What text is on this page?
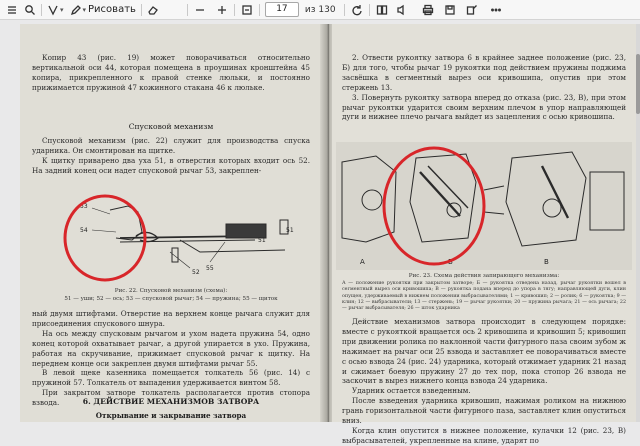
▾	▾ Рисовать	17	из 130

Копир 43 (рис. 19) может поворачиваться относительно вертикальной оси 44, которая помещена в проушинах кронштейна 45 копира, прикрепленного к правой стенке люльки, и постоянно прижимается пружиной 47 кожинного стакана 46 к люльке.

Спусковой механизм

Спусковой механизм (рис. 22) служит для производства спуска ударника. Он смонтирован на щитке.

К щитку приварено два уха 51, в отверстия которых входит ось 52. На задний конец оси надет спусковой рычаг 53, закреплен-

53
54
52
55
51
51
Рис. 22. Спусковой механизм (схема):
51 — уши; 52 — ось; 53 — спусковой рычаг; 54 — пружина; 55 — щиток

ный двумя штифтами. Отверстие на верхнем конце рычага служит для присоединения спускового шнура.

На ось между спусковым рычагом и ухом надета пружина 54, одно конец которой охватывает рычаг, а другой упирается в ухо. Пружина, работая на скручивание, прижимает спусковой рычаг к щитку. На переднем конце оси закреплен двумя штифтами рычаг 55.

В левой щеке казенника помещается толкатель 56 (рис. 14) с пружиной 57. Толкатель от выпадения удерживается винтом 58.

При закрытом затворе толкатель располагается против стопора взвода.	6. ДЕЙСТВИЕ МЕХАНИЗМОВ ЗАТВОРА
Открывание и закрывание затвора

2. Отвести рукоятку затвора 6 в крайнее заднее положение (рис. 23, Б) для того, чтобы рычаг 19 рукоятки под действием пружины поджима засвёшка в сегментный вырез оси кривошипа, опустив при этом стержень 13.

3. Повернуть рукоятку затвора вперед до отказа (рис. 23, В), при этом рычаг рукоятки ударится своим верхним плечом в упор направляющей дуги и нижнее плечо рычага выйдет из зацепления с осью кривошипа.

А	Б	В
Рис. 23. Схема действия запирающего механизма:
А — положение рукоятки при закрытом затворе; Б — рукоятка отведена назад, рычаг рукоятки вошел в сегментный вырез оси кривошипа; В — рукоятка подана вперед до упора в тягу; направляющей дуги, клин опущен, удерживаемый в нижнем положении выбрасывателями; 1 — кривошип; 2 — ролик; 6 — рукоятка; 9 — клин; 12 — выбрасыватели; 13 — стержень; 19 — рычаг рукоятки; 20 — пружина рычага; 21 — ось рычага; 22 — рычаг выбрасывателя; 26 — шток ударника

Действие механизмов затвора происходит в следующем порядке: вместе с рукояткой вращается ось 2 кривошипа и кривошип 5; кривошип при движении ролика по наклонной части фигурного паза своим зубом ж нажимает на рычаг оси 25 взвода и заставляет ее поворачиваться вместе с осью взвода 24 (рис. 24) ударника, который отжимает ударник 21 назад и сжимает боевую пружину 27 до тех пор, пока стопор 26 взвода не заскочит в вырез нижнего конца взвода 24 ударника.

Ударник остается взведенным.

После взведения ударника кривошип, нажимая роликом на нижнюю грань горизонтальной части фигурного паза, заставляет клин опуститься вниз.

Когда клин опустится в нижнее положение, кулачки 12 (рис. 23, В) выбрасывателей, укрепленные на клине, ударят по
